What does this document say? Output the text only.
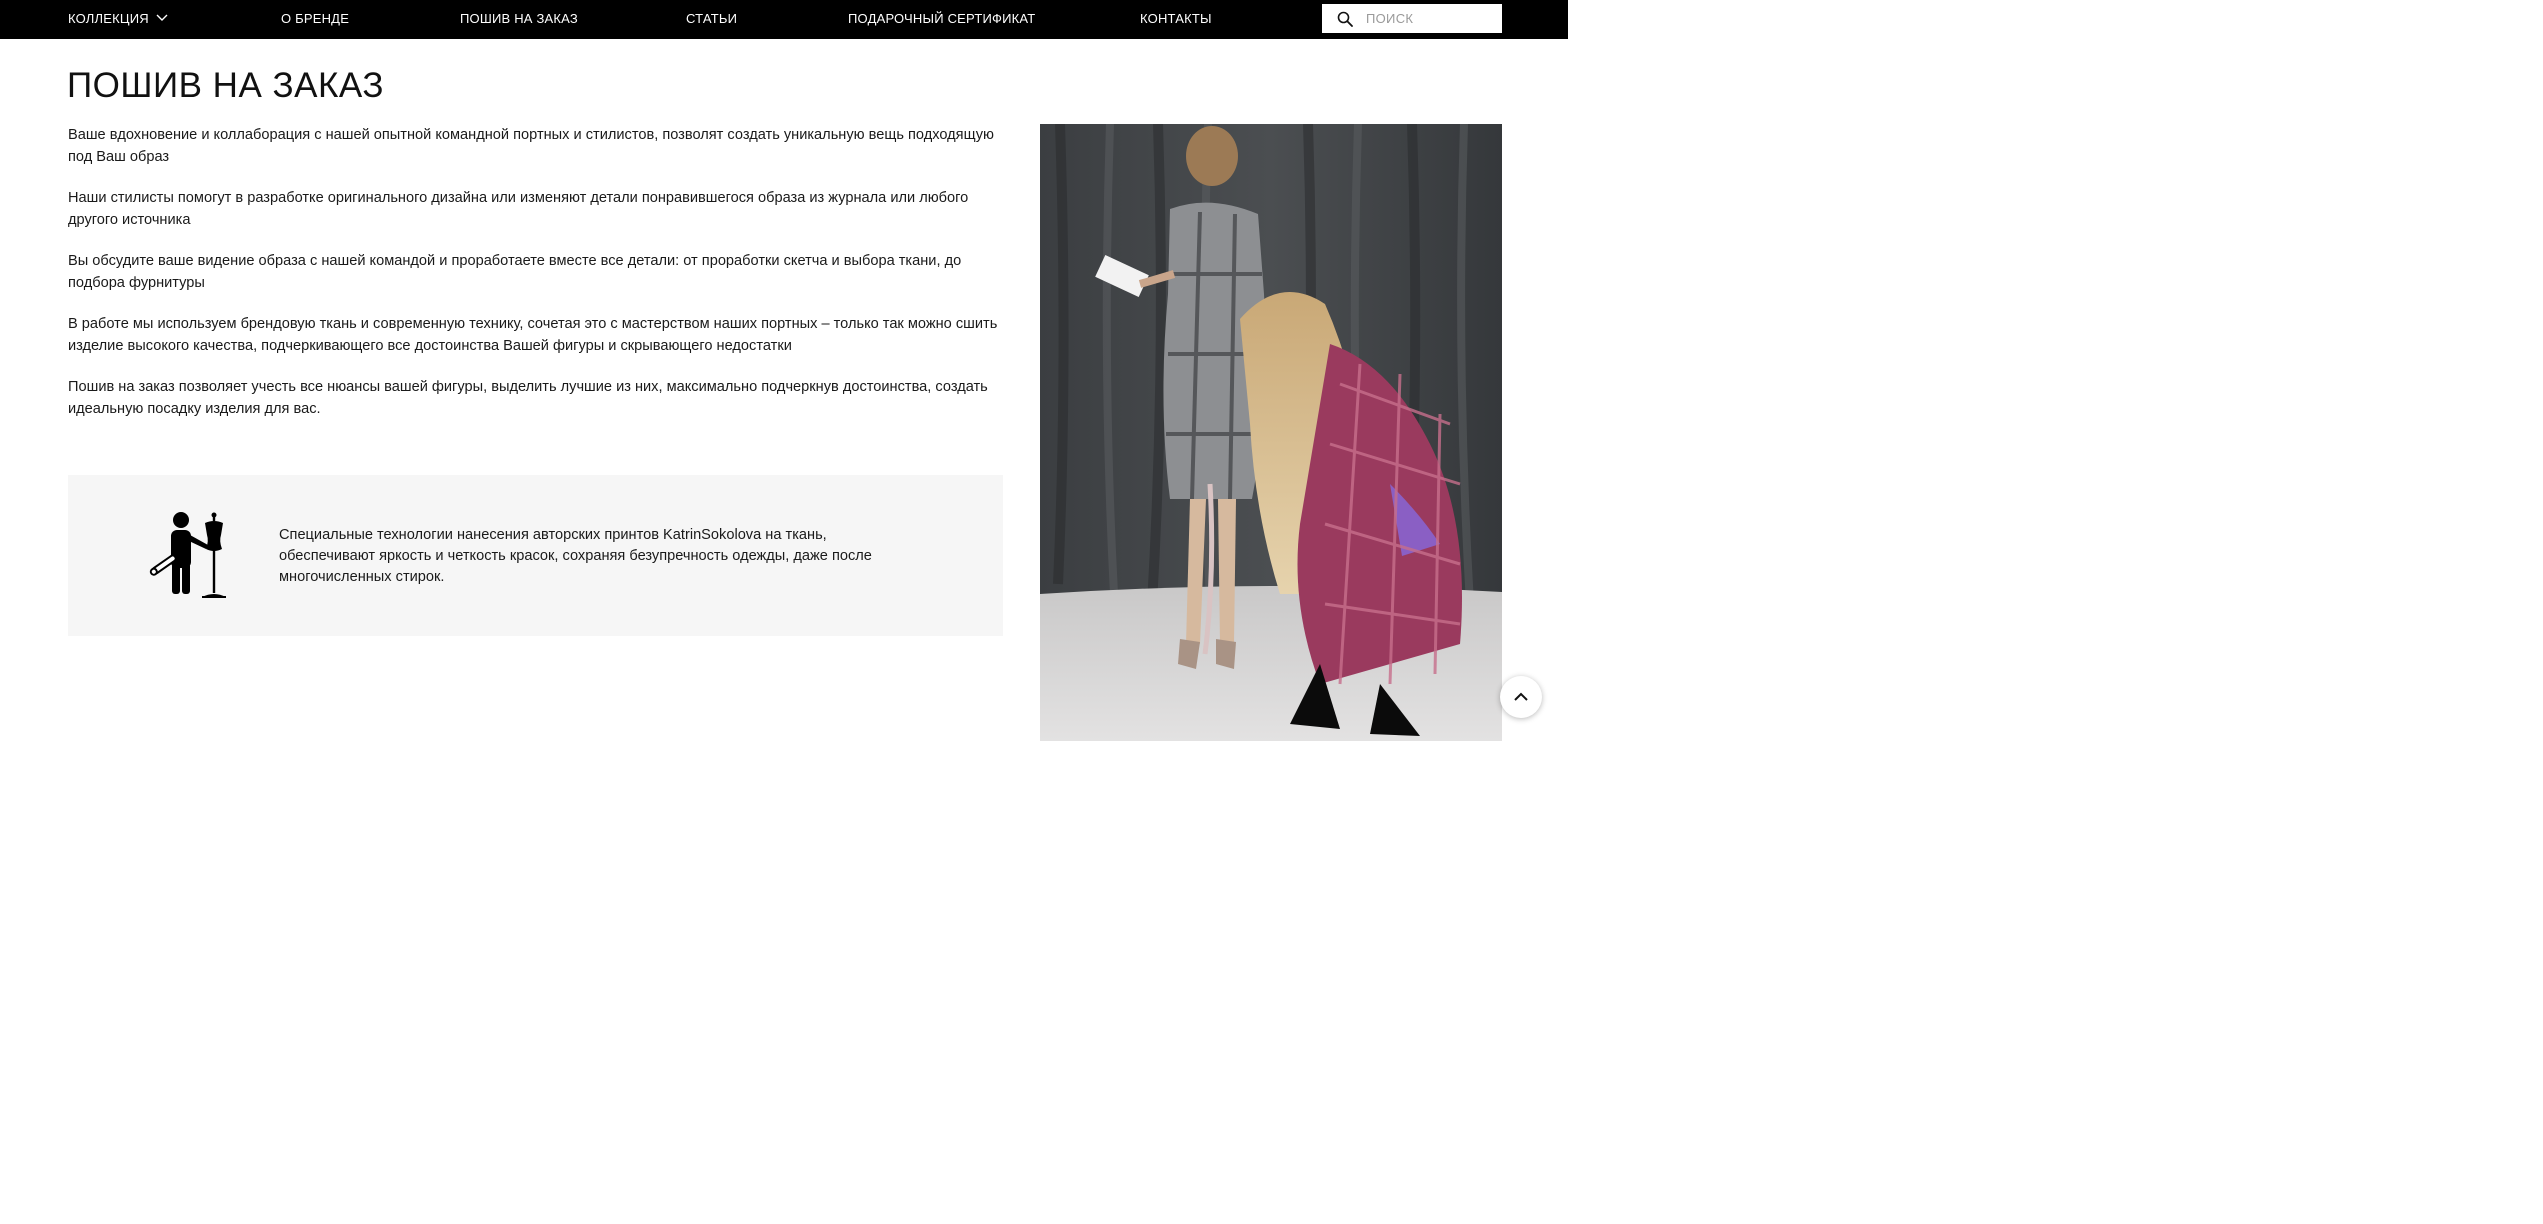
КОЛЛЕКЦИЯ	О БРЕНДЕ	ПОШИВ НА ЗАКАЗ	СТАТЬИ	ПОДАРОЧНЫЙ СЕРТИФИКАТ	КОНТАКТЫ
ПОИСК
ПОШИВ НА ЗАКАЗ

Ваше вдохновение и коллаборация с нашей опытной командной портных и стилистов, позволят создать уникальную вещь подходящую под Ваш образ

Наши стилисты помогут в разработке оригинального дизайна или изменяют детали понравившегося образа из журнала или любого другого источника

Вы обсудите ваше видение образа с нашей командой и проработаете вместе все детали: от проработки скетча и выбора ткани, до подбора фурнитуры

В работе мы используем брендовую ткань и современную технику, сочетая это с мастерством наших портных – только так можно сшить изделие высокого качества, подчеркивающего все достоинства Вашей фигуры и скрывающего недостатки

Пошив на заказ позволяет учесть все нюансы вашей фигуры, выделить лучшие из них, максимально подчеркнув достоинства, создать идеальную посадку изделия для вас.

Специальные технологии нанесения авторских принтов KatrinSokolova на ткань, обеспечивают яркость и четкость красок, сохраняя безупречность одежды, даже после многочисленных стирок.
